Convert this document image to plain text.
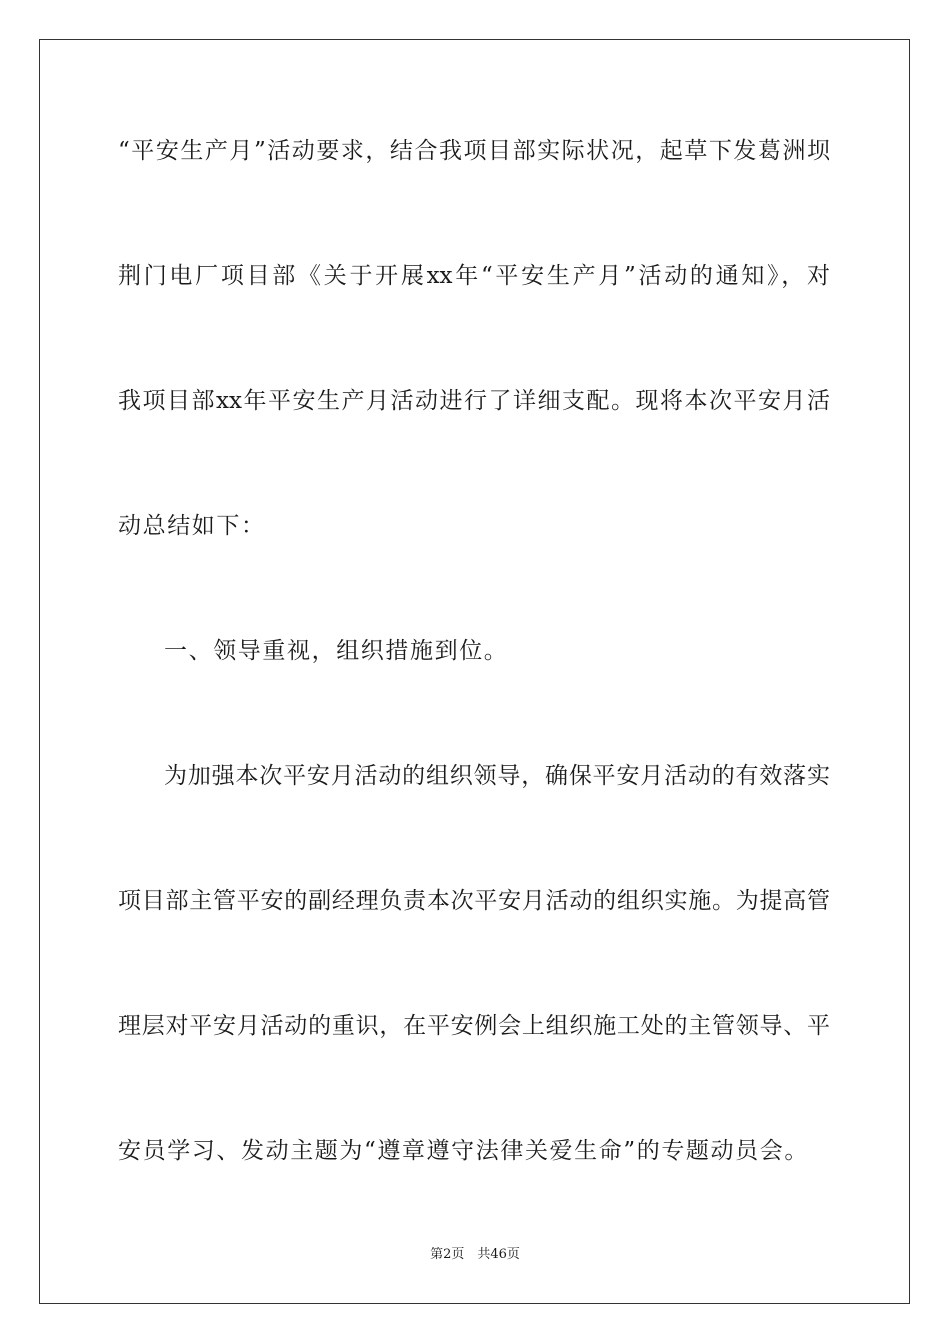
“平安生产月”活动要求，结合我项目部实际状况，起草下发葛洲坝
荆门电厂项目部《关于开展xx年“平安生产月”活动的通知》，对
我项目部xx年平安生产月活动进行了详细支配。现将本次平安月活
动总结如下：
一、领导重视，组织措施到位。
为加强本次平安月活动的组织领导，确保平安月活动的有效落实
项目部主管平安的副经理负责本次平安月活动的组织实施。为提高管
理层对平安月活动的重识，在平安例会上组织施工处的主管领导、平
安员学习、发动主题为“遵章遵守法律关爱生命”的专题动员会。
第2页　共46页
